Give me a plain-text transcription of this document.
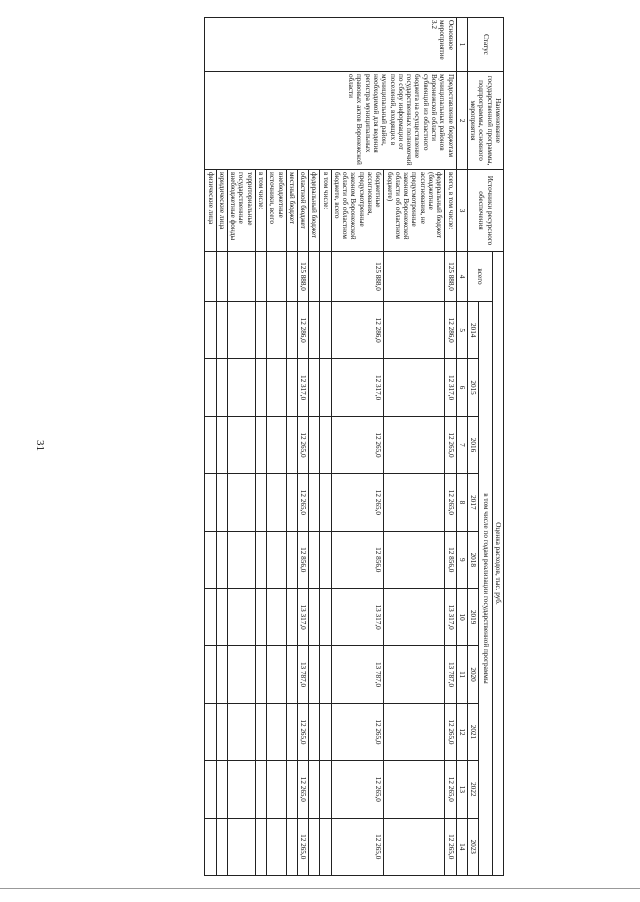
31
Статус	Наименование государственной программы, подпрограммы, основного мероприятия	Источники ресурсного обеспечения	Оценка расходов, тыс. руб.										
			всего	в том числе по годам реализации государственной программы									
				2014	2015	2016	2017	2018	2019	2020	2021	2022	2023
1	2	3	4	5	6	7	8	9	10	11	12	13	14
Основное мероприятие 3.2	Предоставление бюджетам муниципальных районов Воронежской области субвенций из областного бюджета на осуществление государственных полномочий по сбору информации от поселений, входящих в муниципальный район, необходимой для ведения регистра муниципальных правовых актов Воронежской области	всего, в том числе:	125 888,0	12 286,0	12 317,0	12 265,0	12 265,0	12 856,0	13 317,0	13 787,0	12 265,0	12 265,0	12 265,0
		федеральный бюджет (бюджетные ассигнования, не предусмотренные законом Воронежской области об областном бюджете)											
		бюджетные ассигнования, предусмотренные законом Воронежской области об областном бюджете, всего	125 888,0	12 286,0	12 317,0	12 265,0	12 265,0	12 856,0	13 317,0	13 787,0	12 265,0	12 265,0	12 265,0
		в том числе:											
		федеральный бюджет											
		областной бюджет	125 888,0	12 286,0	12 317,0	12 265,0	12 265,0	12 856,0	13 317,0	13 787,0	12 265,0	12 265,0	12 265,0
		местный бюджет											
		внебюджетные источники, всего											
		в том числе:											
		территориальные государственные внебюджетные фонды											
		юридические лица											
		физические лица											
